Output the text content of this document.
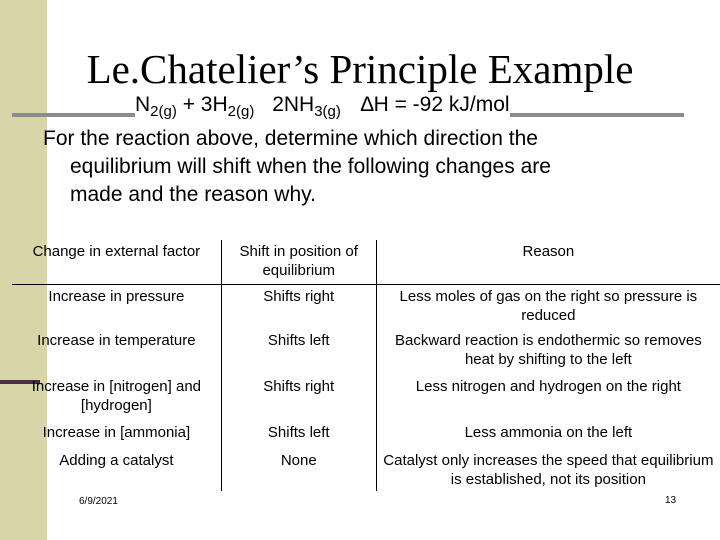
Le.Chatelier’s Principle Example
$N_{2(g)} + 3H_{2(g)}$ $2NH_{3(g)}$ ∆H = -92 kJ/mol
For the reaction above, determine which direction the
equilibrium will shift when the following changes are
made and the reason why.
Change in external factor	Shift in position of equilibrium	Reason
Increase in pressure	Shifts right	Less moles of gas on the right so pressure is reduced
Increase in temperature	Shifts left	Backward reaction is endothermic so removes heat by shifting to the left
Increase in [nitrogen] and [hydrogen]	Shifts right	Less nitrogen and hydrogen on the right
Increase in [ammonia]	Shifts left	Less ammonia on the left
Adding a catalyst	None	Catalyst only increases the speed that equilibrium is established, not its position
6/9/2021	13
